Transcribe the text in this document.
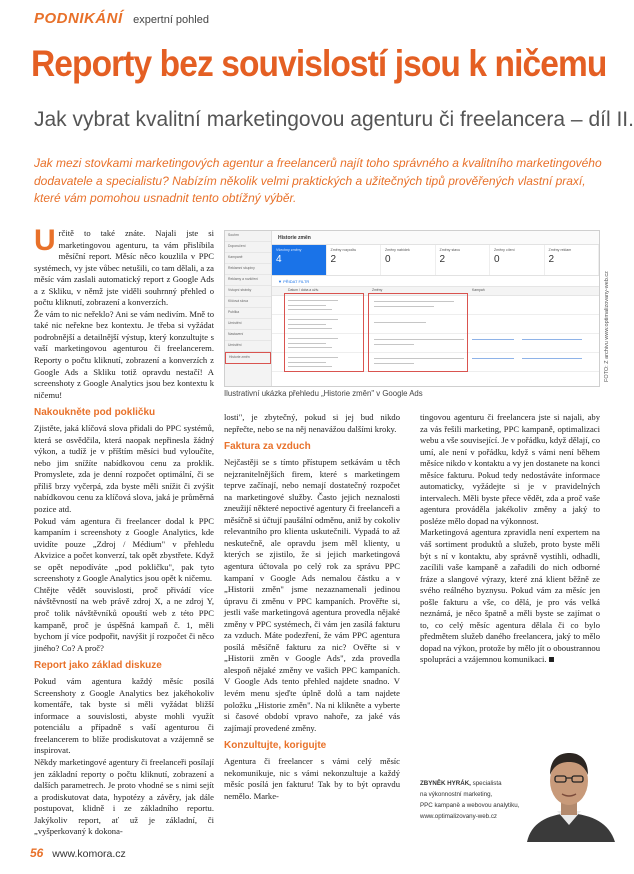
PODNIKÁNÍ expertní pohled
Reporty bez souvislostí jsou k ničemu
Jak vybrat kvalitní marketingovou agenturu či freelancera – díl II.
Jak mezi stovkami marketingových agentur a freelancerů najít toho správného a kvalitního marketingového dodavatele a specialistu? Nabízím několik velmi praktických a užitečných tipů prověřených vlastní praxí, které vám pomohou usnadnit tento obtížný výběr.

Určitě to také znáte. Najali jste si marketingovou agenturu, ta vám přislíbila měsíční report. Měsíc něco kouzlila v PPC systémech, vy jste vůbec netušili, co tam dělali, a za měsíc vám zaslali automatický report z Google Ads a z Skliku, v němž jste viděli souhrnný přehled o počtu kliknutí, zobrazení a konverzích.

Že vám to nic neřeklo? Ani se vám nedivím. Mně to také nic neřekne bez kontextu. Je třeba si vyžádat podrobnější a detailnější výstup, který konzultujte s vaší marketingovou agenturou či freelancerem. Reporty o počtu kliknutí, zobrazení a konverzích z Google Ads a Skliku totiž opravdu nestačí! A screenshoty z Google Analytics jsou bez kontextu k ničemu!

Nakoukněte pod pokličku

Zjistěte, jaká klíčová slova přidali do PPC systémů, která se osvědčila, která naopak nepřinesla žádný výkon, a tudíž je v příštím měsíci bud vyloučíte, nebo jim snížíte nabídkovou cenu za proklik. Promyslete, zda je denní rozpočet optimální, či se příliš brzy vyčerpá, zda byste měli snížit či zvýšit nabídkovou cenu za klíčová slova, jaká je průměrná pozice atd.

Pokud vám agentura či freelancer dodal k PPC kampaním i screenshoty z Google Analytics, kde uvidíte pouze „Zdroj / Médium" v přehledu Akvizice a počet konverzí, tak opět zbystřete. Když se opět nepodíváte „pod pokličku", pak tyto screenshoty z Google Analytics jsou opět k ničemu.

Chtějte vědět souvislosti, proč přivádí více návštěvností na web právě zdroj X, a ne zdroj Y, proč tolik návštěvníků opouští web z této PPC kampaně, proč je úspěšná kampaň č. 1, měli bychom jí více podpořit, navýšit jí rozpočet či něco jiného? Co? A proč?

Report jako základ diskuze

Pokud vám agentura každý měsíc posílá Screenshoty z Google Analytics bez jakéhokoliv komentáře, tak byste si měli vyžádat bližší informace a souvislosti, abyste mohli využít potenciálu a případně s vaší agenturou či freelancerem to blíže prodiskutovat a vzájemně se inspirovat.

Někdy marketingové agentury či freelanceři posílají jen základní reporty o počtu kliknutí, zobrazení a dalších parametrech. Je proto vhodné se s nimi sejít a prodiskutovat data, hypotézy a závěry, jak dále postupovat, klidně i ze základního reportu. Jakýkoliv report, ať už je základní, či „vyšperkovaný k dokona-

Souhrn
Doporučení
Kampaně
Reklamní skupiny
Reklamy a rozšíření
Vstupní stránky
Klíčová slova
Publika
Umístění
Nastavení
Umístění
Historie změn
Historie změn
Všechny změny
4
Změny rozpočtu
2
Změny nabídek
0
Změny stavu
2
Změny cílení
0
Změny reklam
2
▼ PŘIDAT FILTR
Datum / doba a uživ.	Změny	Kampaň	FOTO: Z archivu www.optimalizovany-web.cz
Ilustrativní ukázka přehledu „Historie změn" v Google Ads

losti", je zbytečný, pokud si jej bud nikdo nepřečte, nebo se na něj nenavážou dalšími kroky.

Faktura za vzduch

Nejčastěji se s tímto přístupem setkávám u těch nejzranitelnějších firem, které s marketingem teprve začínají, nebo nemají dostatečný rozpočet na marketingové služby. Často jejich neznalosti zneužijí některé nepoctivé agentury či freelanceři a měsíčně si účtují paušální odměnu, aniž by cokoliv relevantního pro klienta uskutečnili. Vypadá to až neskutečně, ale opravdu jsem měl klienty, u kterých se zjistilo, že si jejich marketingová agentura účtovala po celý rok za správu PPC kampaní v Google Ads nemalou částku a v „Historii změn" jsme nezaznamenali jedinou úpravu či změnu v PPC kampaních. Prověřte si, jestli vaše marketingová agentura provedla nějaké změny v PPC systémech, či vám jen zasílá fakturu za vzduch. Máte podezření, že vám PPC agentura posílá měsíčně fakturu za nic? Ověřte si v „Historii změn v Google Ads", zda provedla alespoň nějaké změny ve vašich PPC kampaních. V Google Ads tento přehled najdete snadno. V levém menu sjeďte úplně dolů a tam najdete položku „Historie změn". Na ni klikněte a vyberte si časové období vpravo nahoře, za jaké vás zajímají provedené změny.

Konzultujte, korigujte

Agentura či freelancer s vámi celý měsíc nekomunikuje, nic s vámi nekonzultuje a každý měsíc posílá jen fakturu! Tak by to být opravdu nemělo. Marke-

tingovou agenturu či freelancera jste si najali, aby za vás řešili marketing, PPC kampaně, optimalizaci webu a vše související. Je v pořádku, když dělají, co umí, ale není v pořádku, když s vámi není během měsíce nikdo v kontaktu a vy jen dostanete na konci měsíce fakturu. Pokud tedy nedostáváte informace automaticky, vyžádejte si je v pravidelných intervalech. Měli byste přece vědět, zda a proč vaše agentura prováděla jakékoliv změny a jaký to posléze mělo dopad na výkonnost.

Marketingová agentura zpravidla není expertem na váš sortiment produktů a služeb, proto byste měli být s ní v kontaktu, aby správně vystihli, odhadli, zacílili vaše kampaně a zařadili do nich odborné fráze a slangové výrazy, které zná klient běžně ze svého reálného byznysu. Pokud vám za měsíc jen pošle fakturu a vše, co dělá, je pro vás velká neznámá, je něco špatně a měli byste se zajímat o to, co celý měsíc agentura dělala či co bylo předmětem služeb daného freelancera, jaký to mělo dopad na výkon, protože by mělo jít o oboustrannou spolupráci a vzájemnou komunikaci.

ZBYNĚK HYRÁK, specialista
na výkonnostní marketing,
PPC kampaně a webovou analytiku,
www.optimalizovany-web.cz
56 www.komora.cz
